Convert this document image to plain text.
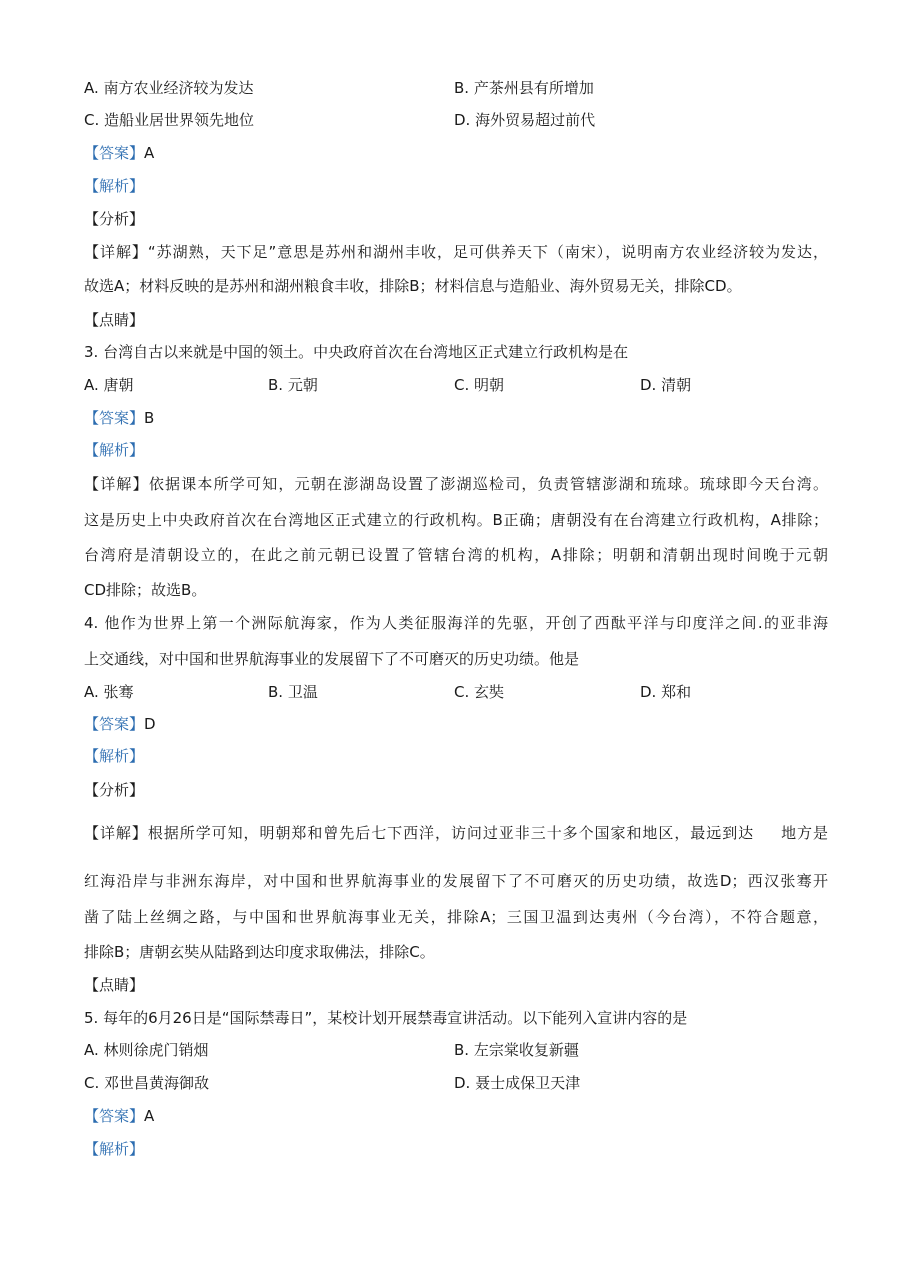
A. 南方农业经济较为发达	B. 产茶州县有所增加
C. 造船业居世界领先地位	D. 海外贸易超过前代
【答案】A
【解析】
【分析】
【详解】“苏湖熟，天下足”意思是苏州和湖州丰收，足可供养天下（南宋），说明南方农业经济较为发达，
故选A；材料反映的是苏州和湖州粮食丰收，排除B；材料信息与造船业、海外贸易无关，排除CD。
【点睛】
3. 台湾自古以来就是中国的领土。中央政府首次在台湾地区正式建立行政机构是在
A. 唐朝	B. 元朝	C. 明朝	D. 清朝
【答案】B
【解析】
【详解】依据课本所学可知，元朝在澎湖岛设置了澎湖巡检司，负责管辖澎湖和琉球。琉球即今天台湾。
这是历史上中央政府首次在台湾地区正式建立的行政机构。B正确；唐朝没有在台湾建立行政机构，A排除；
台湾府是清朝设立的，在此之前元朝已设置了管辖台湾的机构，A排除；明朝和清朝出现时间晚于元朝
CD排除；故选B。
4. 他作为世界上第一个洲际航海家，作为人类征服海洋的先驱，开创了西酞平洋与印度洋之间.的亚非海
上交通线，对中国和世界航海事业的发展留下了不可磨灭的历史功绩。他是
A. 张骞	B. 卫温	C. 玄奘	D. 郑和
【答案】D
【解析】
【分析】
【详解】根据所学可知，明朝郑和曾先后七下西洋，访问过亚非三十多个国家和地区，最远到达 地方是
红海沿岸与非洲东海岸，对中国和世界航海事业的发展留下了不可磨灭的历史功绩，故选D；西汉张骞开
凿了陆上丝绸之路，与中国和世界航海事业无关，排除A；三国卫温到达夷州（今台湾），不符合题意，
排除B；唐朝玄奘从陆路到达印度求取佛法，排除C。
【点睛】
5. 每年的6月26日是“国际禁毒日”，某校计划开展禁毒宣讲活动。以下能列入宣讲内容的是
A. 林则徐虎门销烟	B. 左宗棠收复新疆
C. 邓世昌黄海御敌	D. 聂士成保卫天津
【答案】A
【解析】
